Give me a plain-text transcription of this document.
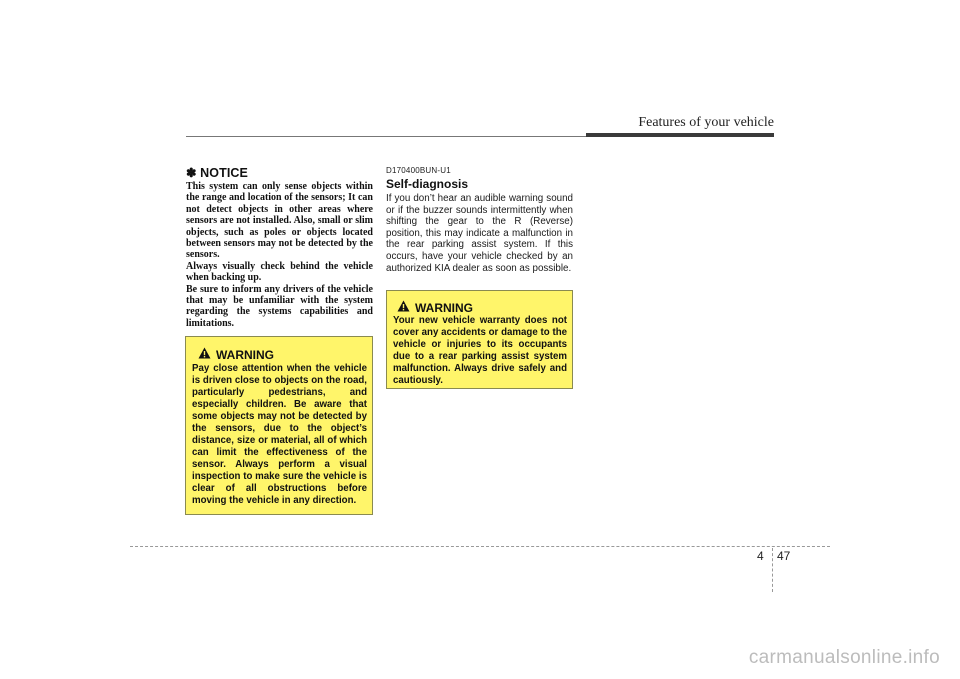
Features of your vehicle
✽ NOTICE

This system can only sense objects within the range and location of the sensors; It can not detect objects in other areas where sensors are not installed. Also, small or slim objects, such as poles or objects located between sensors may not be detected by the sensors.

Always visually check behind the vehicle when backing up.

Be sure to inform any drivers of the vehicle that may be unfamiliar with the system regarding the systems capabilities and limitations.

WARNING
Pay close attention when the vehicle is driven close to objects on the road, particularly pedestrians, and especially children. Be aware that some objects may not be detected by the sensors, due to the object’s distance, size or material, all of which can limit the effectiveness of the sensor. Always perform a visual inspection to make sure the vehicle is clear of all obstructions before moving the vehicle in any direction.
D170400BUN-U1
Self-diagnosis
If you don’t hear an audible warning sound or if the buzzer sounds intermittently when shifting the gear to the R (Reverse) position, this may indicate a malfunction in the rear parking assist system. If this occurs, have your vehicle checked by an authorized KIA dealer as soon as possible.
WARNING
Your new vehicle warranty does not cover any accidents or damage to the vehicle or injuries to its occupants due to a rear parking assist system malfunction. Always drive safely and cautiously.
4 47
carmanualsonline.info
